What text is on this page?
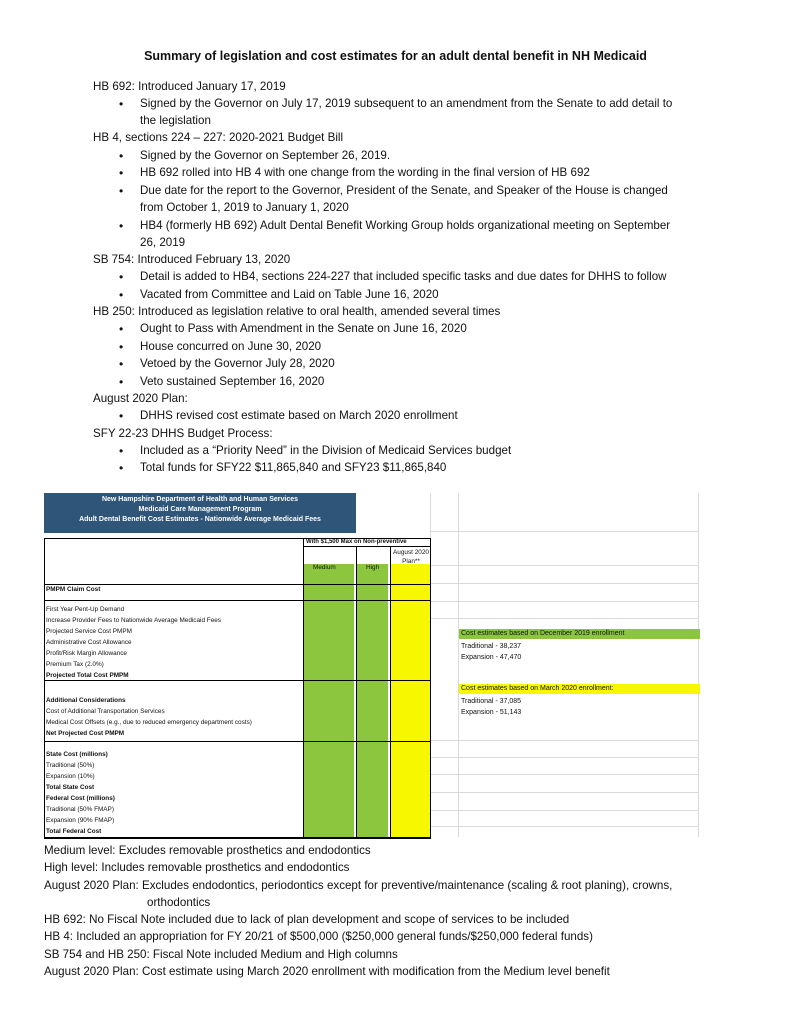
Summary of legislation and cost estimates for an adult dental benefit in NH Medicaid
HB 692: Introduced January 17, 2019
• Signed by the Governor on July 17, 2019 subsequent to an amendment from the Senate to add detail to
the legislation
HB 4, sections 224 – 227: 2020-2021 Budget Bill
• Signed by the Governor on September 26, 2019.
• HB 692 rolled into HB 4 with one change from the wording in the final version of HB 692
• Due date for the report to the Governor, President of the Senate, and Speaker of the House is changed
from October 1, 2019 to January 1, 2020
• HB4 (formerly HB 692) Adult Dental Benefit Working Group holds organizational meeting on September
26, 2019
SB 754: Introduced February 13, 2020
• Detail is added to HB4, sections 224-227 that included specific tasks and due dates for DHHS to follow
• Vacated from Committee and Laid on Table June 16, 2020
HB 250: Introduced as legislation relative to oral health, amended several times
• Ought to Pass with Amendment in the Senate on June 16, 2020
• House concurred on June 30, 2020
• Vetoed by the Governor July 28, 2020
• Veto sustained September 16, 2020
August 2020 Plan:
• DHHS revised cost estimate based on March 2020 enrollment
SFY 22-23 DHHS Budget Process:
• Included as a “Priority Need” in the Division of Medicaid Services budget
• Total funds for SFY22 $11,865,840 and SFY23 $11,865,840
New Hampshire Department of Health and Human Services
Medicaid Care Management Program
Adult Dental Benefit Cost Estimates - Nationwide Average Medicaid Fees
With $1,500 Max on Non-preventive
Medium	High
August 2020 Plan**
PMPM Claim Cost
First Year Pent-Up Demand
Increase Provider Fees to Nationwide Average Medicaid Fees
Projected Service Cost PMPM
Administrative Cost Allowance
Profit/Risk Margin Allowance
Premium Tax (2.0%)
Projected Total Cost PMPM
Additional Considerations
Cost of Additional Transportation Services
Medical Cost Offsets (e.g., due to reduced emergency department costs)
Net Projected Cost PMPM
State Cost (millions)
Traditional (50%)
Expansion (10%)
Total State Cost
Federal Cost (millions)
Traditional (50% FMAP)
Expansion (90% FMAP)
Total Federal Cost
Cost estimates based on December 2019 enrollment
Traditional - 38,237
Expansion - 47,470
Cost estimates based on March 2020 enrollment:
Traditional - 37,085
Expansion - 51,143
Medium level: Excludes removable prosthetics and endodontics
High level: Includes removable prosthetics and endodontics
August 2020 Plan: Excludes endodontics, periodontics except for preventive/maintenance (scaling & root planing), crowns,
orthodontics
HB 692: No Fiscal Note included due to lack of plan development and scope of services to be included
HB 4: Included an appropriation for FY 20/21 of $500,000 ($250,000 general funds/$250,000 federal funds)
SB 754 and HB 250: Fiscal Note included Medium and High columns
August 2020 Plan: Cost estimate using March 2020 enrollment with modification from the Medium level benefit
